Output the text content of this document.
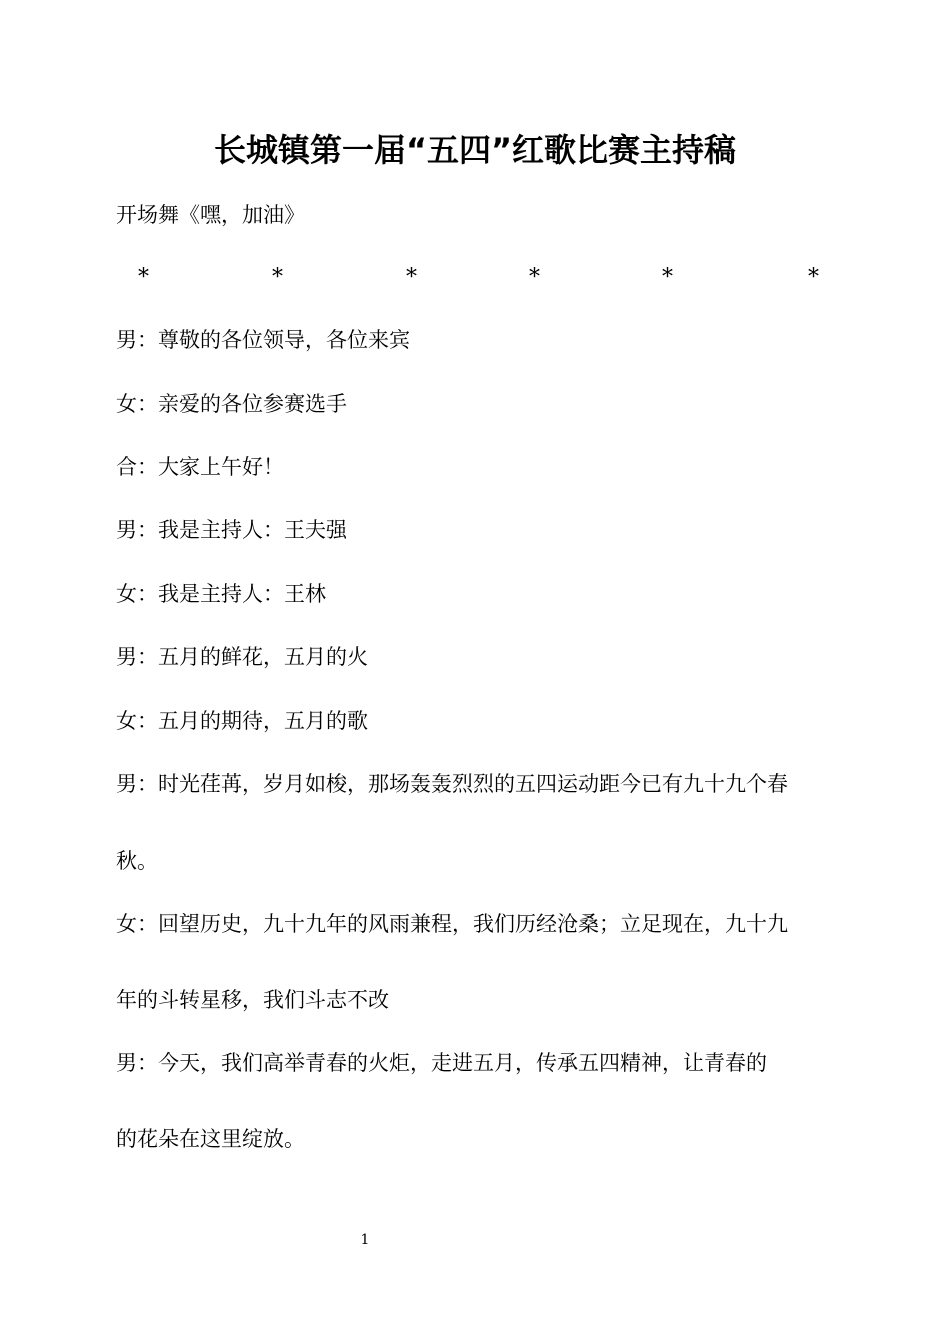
长城镇第一届“五四”红歌比赛主持稿
开场舞《嘿，加油》
*	*	*	*	*	*
男：尊敬的各位领导，各位来宾
女：亲爱的各位参赛选手
合：大家上午好！
男：我是主持人：王夫强
女：我是主持人：王林
男：五月的鲜花，五月的火
女：五月的期待，五月的歌
男：时光荏苒，岁月如梭，那场轰轰烈烈的五四运动距今已有九十九个春
秋。
女：回望历史，九十九年的风雨兼程，我们历经沧桑；立足现在，九十九
年的斗转星移，我们斗志不改
男：今天，我们高举青春的火炬，走进五月，传承五四精神，让青春的
的花朵在这里绽放。
1
